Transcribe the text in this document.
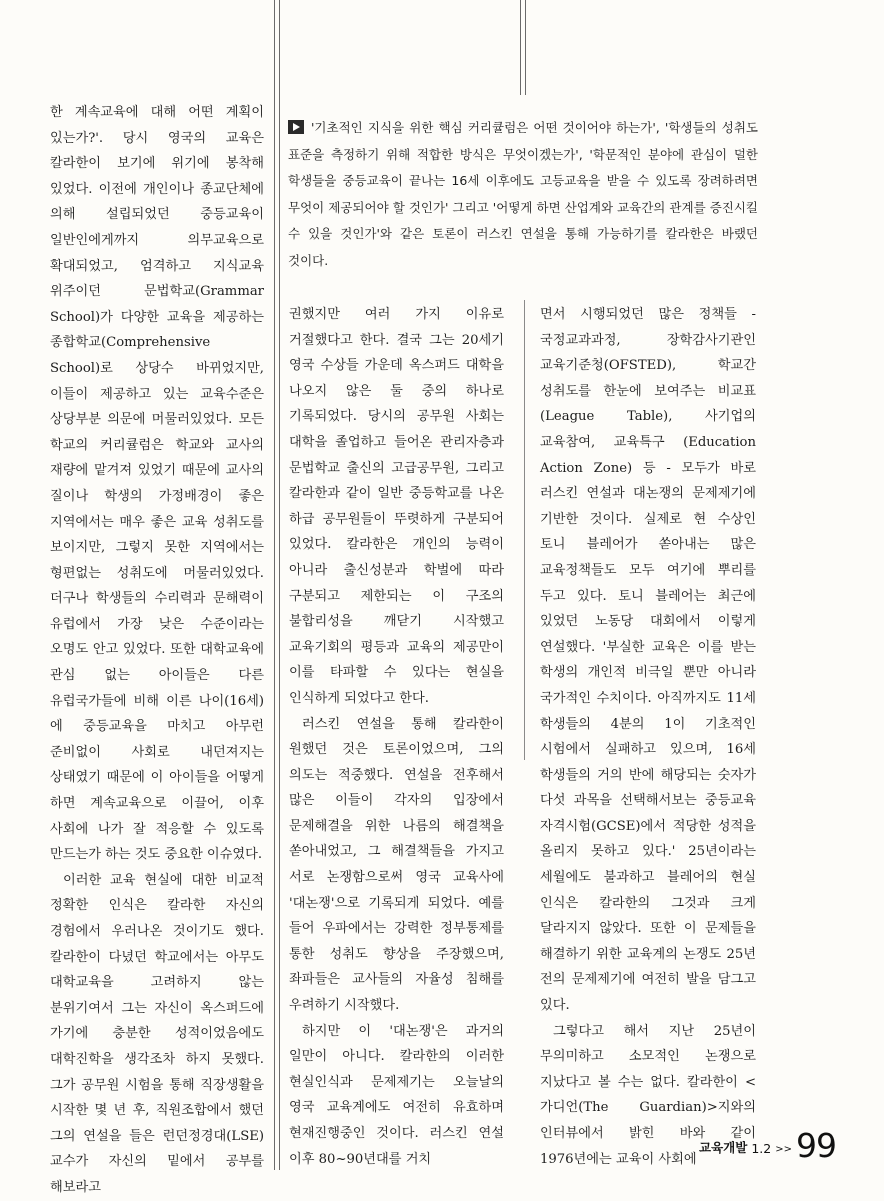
'기초적인 지식을 위한 핵심 커리큘럼은 어떤 것이어야 하는가', '학생들의 성취도 표준을 측정하기 위해 적합한 방식은 무엇이겠는가', '학문적인 분야에 관심이 덜한 학생들을 중등교육이 끝나는 16세 이후에도 고등교육을 받을 수 있도록 장려하려면 무엇이 제공되어야 할 것인가' 그리고 '어떻게 하면 산업계와 교육간의 관계를 증진시킬 수 있을 것인가'와 같은 토론이 러스킨 연설을 통해 가능하기를 칼라한은 바랬던 것이다.

한 계속교육에 대해 어떤 계획이 있는가?'. 당시 영국의 교육은 칼라한이 보기에 위기에 봉착해 있었다. 이전에 개인이나 종교단체에 의해 설립되었던 중등교육이 일반인에게까지 의무교육으로 확대되었고, 엄격하고 지식교육 위주이던 문법학교(Grammar School)가 다양한 교육을 제공하는 종합학교(Comprehensive School)로 상당수 바뀌었지만, 이들이 제공하고 있는 교육수준은 상당부분 의문에 머물러있었다. 모든 학교의 커리큘럼은 학교와 교사의 재량에 맡겨져 있었기 때문에 교사의 질이나 학생의 가정배경이 좋은 지역에서는 매우 좋은 교육 성취도를 보이지만, 그렇지 못한 지역에서는 형편없는 성취도에 머물러있었다. 더구나 학생들의 수리력과 문해력이 유럽에서 가장 낮은 수준이라는 오명도 안고 있었다. 또한 대학교육에 관심 없는 아이들은 다른 유럽국가들에 비해 이른 나이(16세)에 중등교육을 마치고 아무런 준비없이 사회로 내던져지는 상태였기 때문에 이 아이들을 어떻게 하면 계속교육으로 이끌어, 이후 사회에 나가 잘 적응할 수 있도록 만드는가 하는 것도 중요한 이슈였다.

이러한 교육 현실에 대한 비교적 정확한 인식은 칼라한 자신의 경험에서 우러나온 것이기도 했다. 칼라한이 다녔던 학교에서는 아무도 대학교육을 고려하지 않는 분위기여서 그는 자신이 옥스퍼드에 가기에 충분한 성적이었음에도 대학진학을 생각조차 하지 못했다. 그가 공무원 시험을 통해 직장생활을 시작한 몇 년 후, 직원조합에서 했던 그의 연설을 들은 런던정경대(LSE) 교수가 자신의 밑에서 공부를 해보라고

권했지만 여러 가지 이유로 거절했다고 한다. 결국 그는 20세기 영국 수상들 가운데 옥스퍼드 대학을 나오지 않은 둘 중의 하나로 기록되었다. 당시의 공무원 사회는 대학을 졸업하고 들어온 관리자층과 문법학교 출신의 고급공무원, 그리고 칼라한과 같이 일반 중등학교를 나온 하급 공무원들이 뚜렷하게 구분되어 있었다. 칼라한은 개인의 능력이 아니라 출신성분과 학벌에 따라 구분되고 제한되는 이 구조의 불합리성을 깨닫기 시작했고 교육기회의 평등과 교육의 제공만이 이를 타파할 수 있다는 현실을 인식하게 되었다고 한다.

러스킨 연설을 통해 칼라한이 원했던 것은 토론이었으며, 그의 의도는 적중했다. 연설을 전후해서 많은 이들이 각자의 입장에서 문제해결을 위한 나름의 해결책을 쏟아내었고, 그 해결책들을 가지고 서로 논쟁함으로써 영국 교육사에 '대논쟁'으로 기록되게 되었다. 예를 들어 우파에서는 강력한 정부통제를 통한 성취도 향상을 주장했으며, 좌파들은 교사들의 자율성 침해를 우려하기 시작했다.

하지만 이 '대논쟁'은 과거의 일만이 아니다. 칼라한의 이러한 현실인식과 문제제기는 오늘날의 영국 교육계에도 여전히 유효하며 현재진행중인 것이다. 러스킨 연설 이후 80~90년대를 거치

면서 시행되었던 많은 정책들 - 국정교과과정, 장학감사기관인 교육기준청(OFSTED), 학교간 성취도를 한눈에 보여주는 비교표(League Table), 사기업의 교육참여, 교육특구 (Education Action Zone) 등 - 모두가 바로 러스킨 연설과 대논쟁의 문제제기에 기반한 것이다. 실제로 현 수상인 토니 블레어가 쏟아내는 많은 교육정책들도 모두 여기에 뿌리를 두고 있다. 토니 블레어는 최근에 있었던 노동당 대회에서 이렇게 연설했다. '부실한 교육은 이를 받는 학생의 개인적 비극일 뿐만 아니라 국가적인 수치이다. 아직까지도 11세 학생들의 4분의 1이 기초적인 시험에서 실패하고 있으며, 16세 학생들의 거의 반에 해당되는 숫자가 다섯 과목을 선택해서보는 중등교육 자격시험(GCSE)에서 적당한 성적을 올리지 못하고 있다.' 25년이라는 세월에도 불과하고 블레어의 현실 인식은 칼라한의 그것과 크게 달라지지 않았다. 또한 이 문제들을 해결하기 위한 교육계의 논쟁도 25년 전의 문제제기에 여전히 발을 담그고 있다.

그렇다고 해서 지난 25년이 무의미하고 소모적인 논쟁으로 지났다고 볼 수는 없다. 칼라한이 <가디언(The Guardian)>지와의 인터뷰에서 밝힌 바와 같이 1976년에는 교육이 사회에

교육개발 1.2 >> 99
